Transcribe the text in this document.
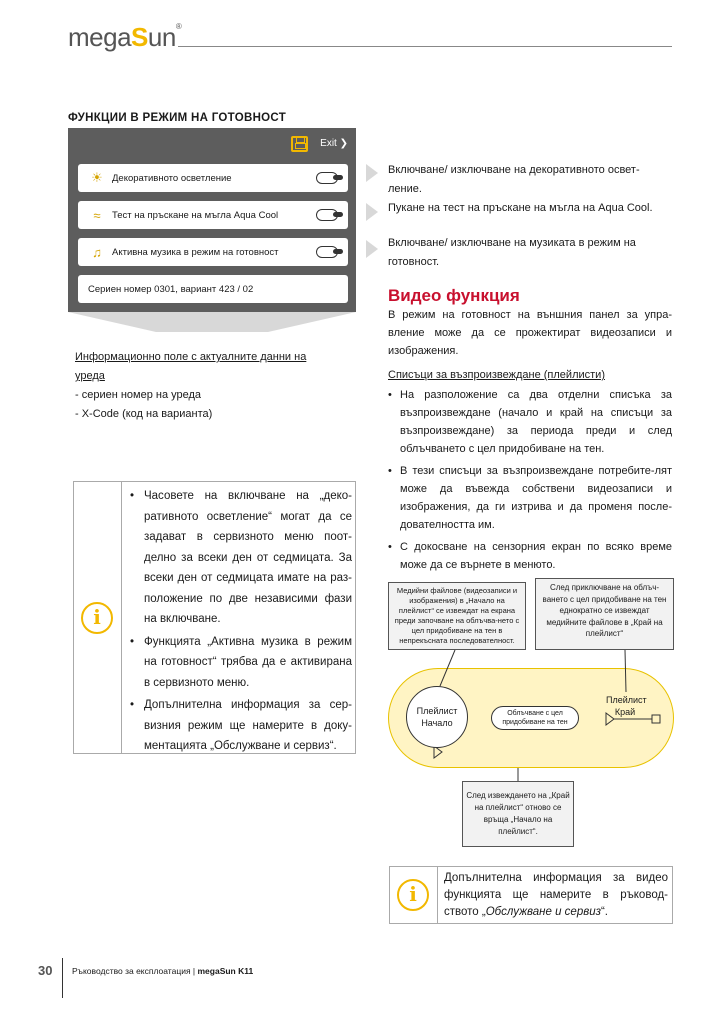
megaSun®
ФУНКЦИИ В РЕЖИМ НА ГОТОВНОСТ
Exit ❯
☀ Декоративното осветление
≈	Тест на пръскане на мъгла Aqua Cool
♫	Активна музика в режим на готовност
Сериен номер 0301, вариант 423 / 02
Включване/ изключване на декоративното освет-лeние.
Пукане на тест на пръскане на мъгла на Aqua Cool.
Включване/ изключване на музиката в режим на готовност.
Информационно поле с актуалните данни на
уреда
- сериен номер на уреда
- X-Code (код на варианта)
i
• Часовете на включване на „деко-ративното осветление“ могат да се задават в сервизното меню поот-делно за всеки ден от седмицата. За всеки ден от седмицата имате на раз-положение по две независими фази на включване.
• Функцията „Активна музика в режим на готовност“ трябва да е активирана в сервизното меню.
• Допълнителна информация за сер-визния режим ще намерите в доку-ментацията „Обслужване и сервиз“.
Видео функция
В режим на готовност на външния панел за упра-вление може да се прожектират видеозаписи и изображения.
Списъци за възпроизвеждане (плейлисти)
• На разположение са два отделни списъка за възпроизвеждане (начало и край на списъци за възпроизвеждане) за периода преди и след облъчването с цел придобиване на тен.
• В тези списъци за възпроизвеждане потребите-лят може да въвежда собствени видеозаписи и изображения, да ги изтрива и да променя после-дователността им.
• С докосване на сензорния екран по всяко време може да се върнете в менюто.
Медийни файлове (видеозаписи и изображения) в „Начало на плейлист“ се извеждат на екрана преди започване на облъчва-нето с цел придобиване на тен в непрекъсната последователност.
След приключване на облъч-ването с цел придобиване на тен еднократно се извеждат медийните файлове в „Край на плейлист“
Плейлист Начало
Облъчване с цел придобиване на тен
Плейлист Край
След извеждането на „Край на плейлист“ отново се връща „Начало на плейлист“.
i
Допълнителна информация за видео функцията ще намерите в ръковод-ството „Обслужване и сервиз“.
30 Ръководство за експлоатация | megaSun K11
